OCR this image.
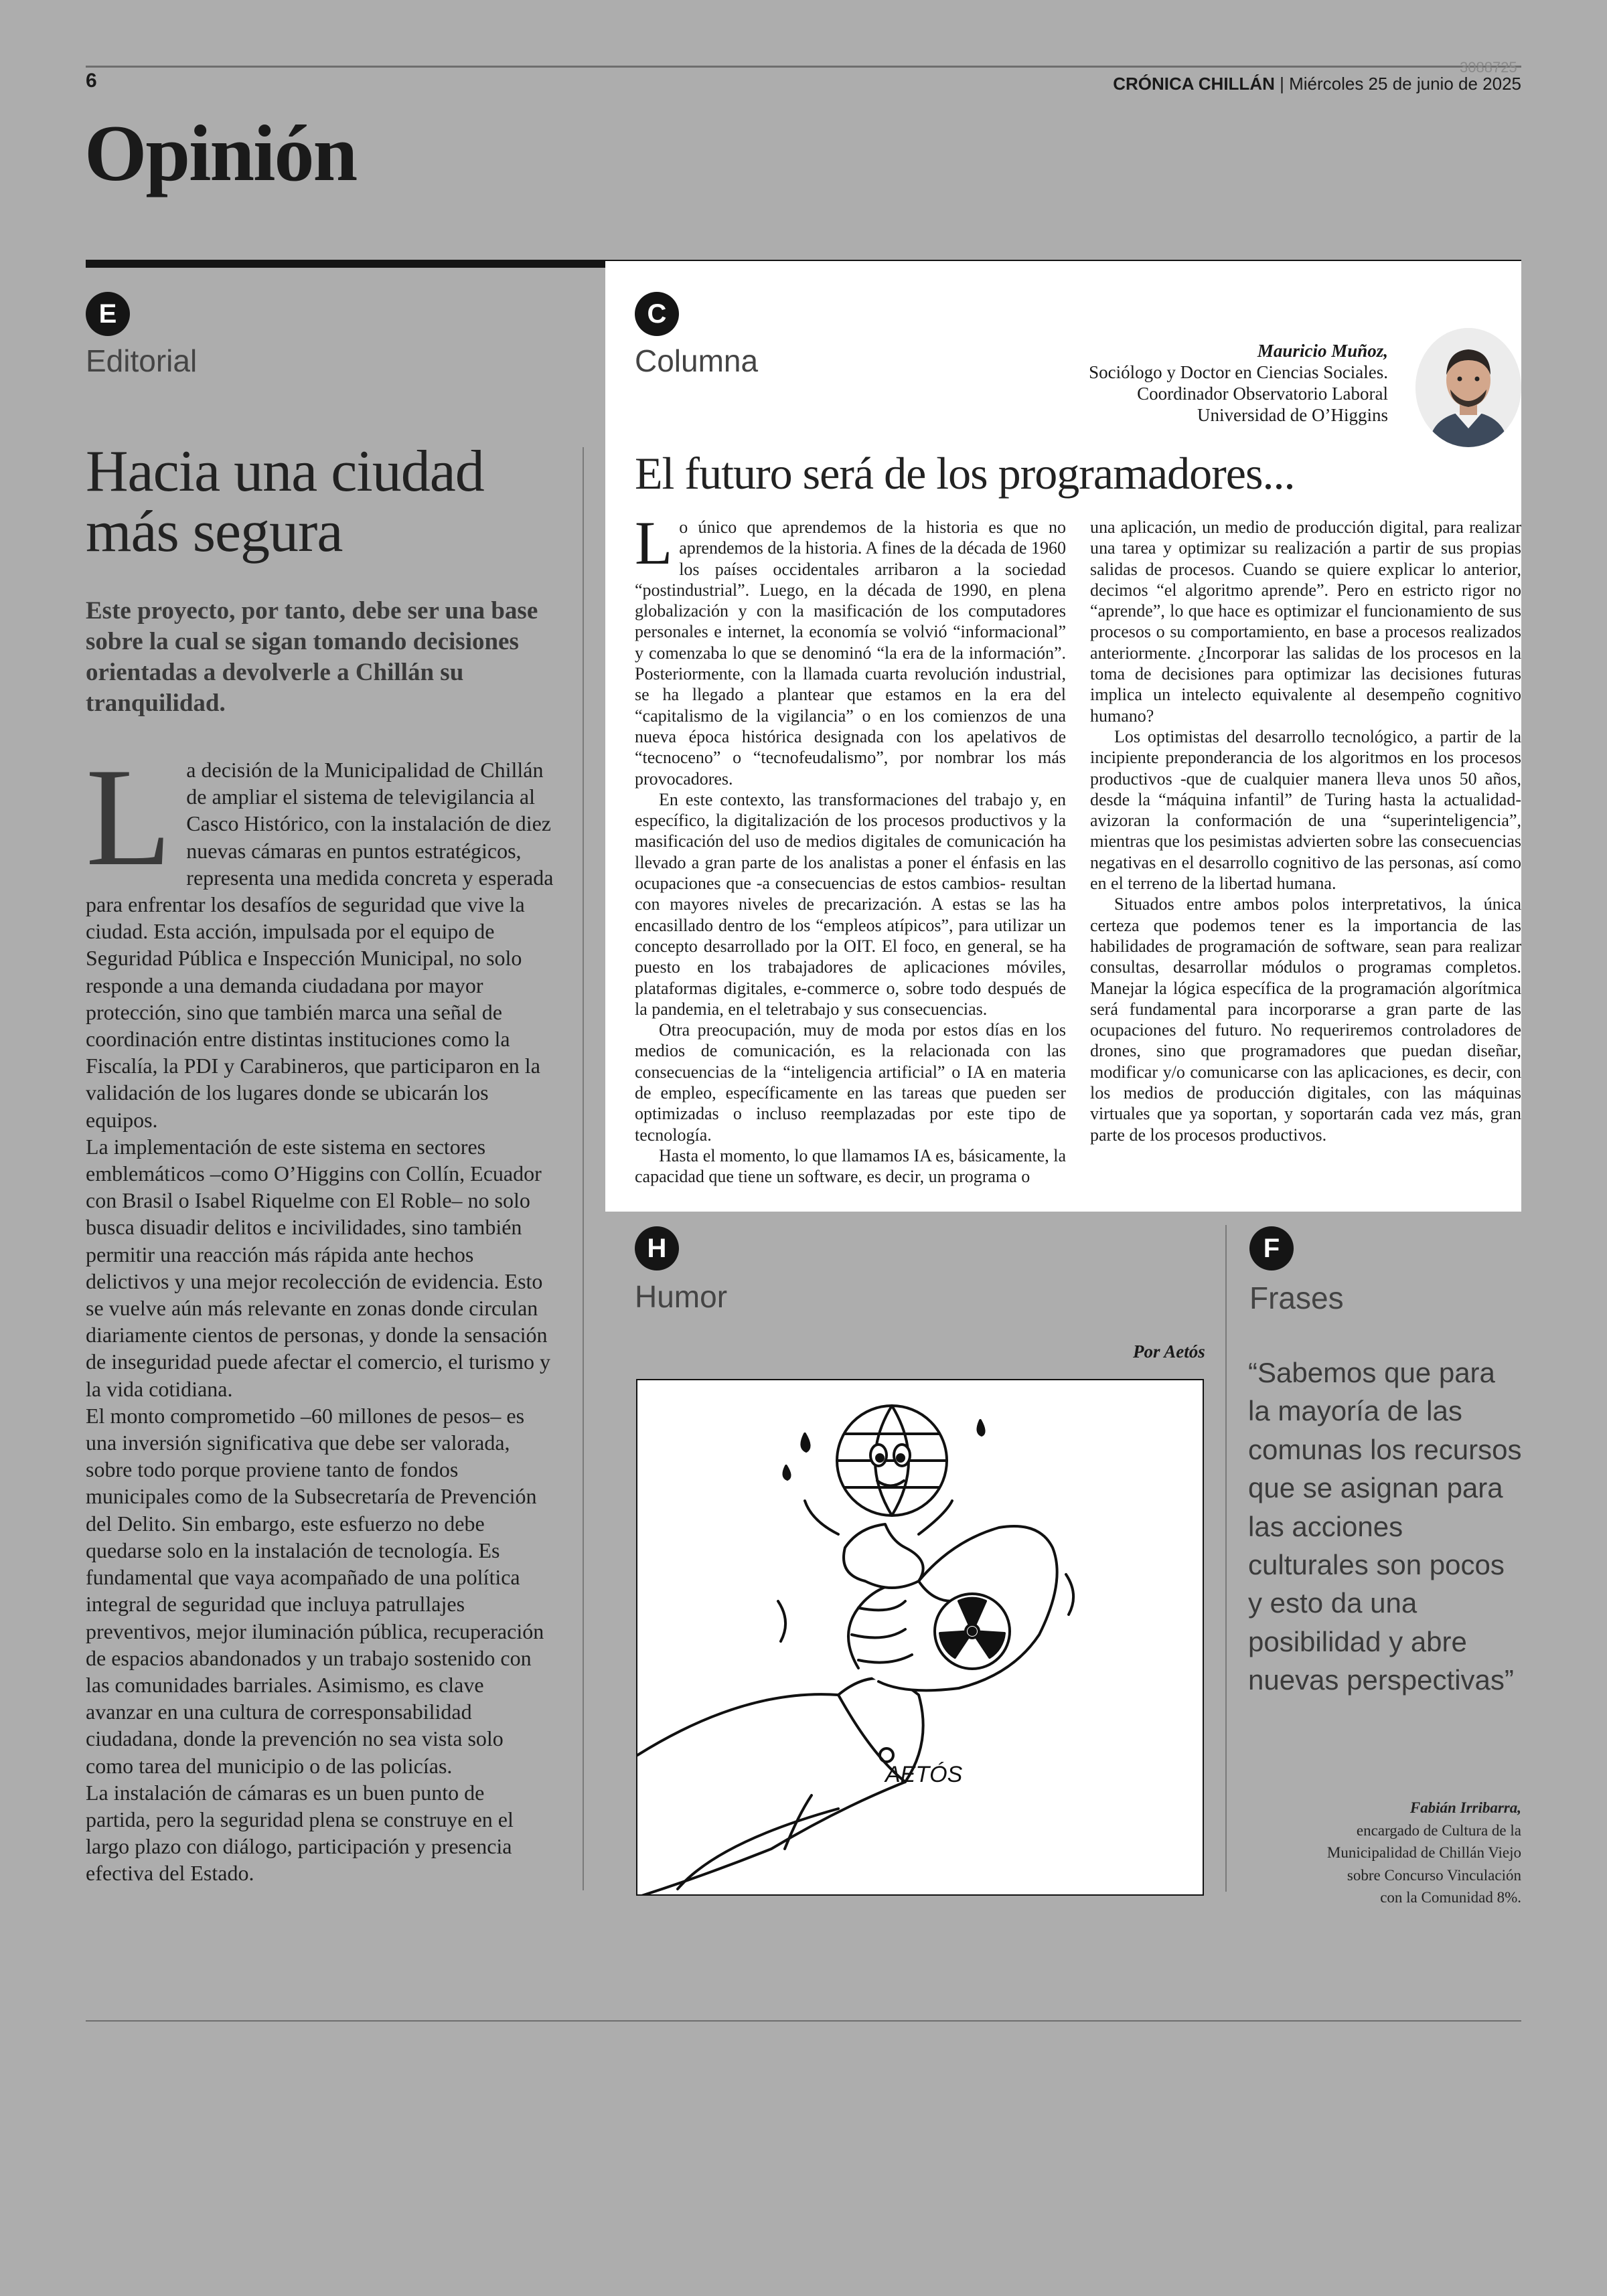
6
3088725
CRÓNICA CHILLÁN | Miércoles 25 de junio de 2025
Opinión
E
Editorial
Hacia una ciudad más segura
Este proyecto, por tanto, debe ser una base sobre la cual se sigan tomando decisiones orientadas a devolverle a Chillán su tranquilidad.
L a decisión de la Municipalidad de Chillán de ampliar el sistema de televigilancia al Casco Histórico, con la instalación de diez nuevas cámaras en puntos estratégicos, representa una medida concreta y esperada para enfrentar los desafíos de seguridad que vive la ciudad. Esta acción, impulsada por el equipo de Seguridad Pública e Inspección Municipal, no solo responde a una demanda ciudadana por mayor protección, sino que también marca una señal de coordinación entre distintas instituciones como la Fiscalía, la PDI y Carabineros, que participaron en la validación de los lugares donde se ubicarán los equipos.

La implementación de este sistema en sectores emblemáticos –como O’Higgins con Collín, Ecuador con Brasil o Isabel Riquelme con El Roble– no solo busca disuadir delitos e incivilidades, sino también permitir una reacción más rápida ante hechos delictivos y una mejor recolección de evidencia. Esto se vuelve aún más relevante en zonas donde circulan diariamente cientos de personas, y donde la sensación de inseguridad puede afectar el comercio, el turismo y la vida cotidiana.

El monto comprometido –60 millones de pesos– es una inversión significativa que debe ser valorada, sobre todo porque proviene tanto de fondos municipales como de la Subsecretaría de Prevención del Delito. Sin embargo, este esfuerzo no debe quedarse solo en la instalación de tecnología. Es fundamental que vaya acompañado de una política integral de seguridad que incluya patrullajes preventivos, mejor iluminación pública, recuperación de espacios abandonados y un trabajo sostenido con las comunidades barriales. Asimismo, es clave avanzar en una cultura de corresponsabilidad ciudadana, donde la prevención no sea vista solo como tarea del municipio o de las policías.

La instalación de cámaras es un buen punto de partida, pero la seguridad plena se construye en el largo plazo con diálogo, participación y presencia efectiva del Estado.

C
Columna	Mauricio Muñoz,
Sociólogo y Doctor en Ciencias Sociales.
Coordinador Observatorio Laboral
Universidad de O’Higgins
El futuro será de los programadores...
L o único que aprendemos de la historia es que no aprendemos de la historia. A fines de la década de 1960 los países occidentales arribaron a la sociedad “postindustrial”. Luego, en la década de 1990, en plena globalización y con la masificación de los computadores personales e internet, la economía se volvió “informacional” y comenzaba lo que se denominó “la era de la información”. Posteriormente, con la llamada cuarta revolución industrial, se ha llegado a plantear que estamos en la era del “capitalismo de la vigilancia” o en los comienzos de una nueva época histórica designada con los apelativos de “tecnoceno” o “tecnofeudalismo”, por nombrar los más provocadores.

En este contexto, las transformaciones del trabajo y, en específico, la digitalización de los procesos productivos y la masificación del uso de medios digitales de comunicación ha llevado a gran parte de los analistas a poner el énfasis en las ocupaciones que -a consecuencias de estos cambios- resultan con mayores niveles de precarización. A estas se las ha encasillado dentro de los “empleos atípicos”, para utilizar un concepto desarrollado por la OIT. El foco, en general, se ha puesto en los trabajadores de aplicaciones móviles, plataformas digitales, e-commerce o, sobre todo después de la pandemia, en el teletrabajo y sus consecuencias.

Otra preocupación, muy de moda por estos días en los medios de comunicación, es la relacionada con las consecuencias de la “inteligencia artificial” o IA en materia de empleo, específicamente en las tareas que pueden ser optimizadas o incluso reemplazadas por este tipo de tecnología.

Hasta el momento, lo que llamamos IA es, básicamente, la capacidad que tiene un software, es decir, un programa o

una aplicación, un medio de producción digital, para realizar una tarea y optimizar su realización a partir de sus propias salidas de procesos. Cuando se quiere explicar lo anterior, decimos “el algoritmo aprende”. Pero en estricto rigor no “aprende”, lo que hace es optimizar el funcionamiento de sus procesos o su comportamiento, en base a procesos realizados anteriormente. ¿Incorporar las salidas de los procesos en la toma de decisiones para optimizar las decisiones futuras implica un intelecto equivalente al desempeño cognitivo humano?

Los optimistas del desarrollo tecnológico, a partir de la incipiente preponderancia de los algoritmos en los procesos productivos -que de cualquier manera lleva unos 50 años, desde la “máquina infantil” de Turing hasta la actualidad- avizoran la conformación de una “superinteligencia”, mientras que los pesimistas advierten sobre las consecuencias negativas en el desarrollo cognitivo de las personas, así como en el terreno de la libertad humana.

Situados entre ambos polos interpretativos, la única certeza que podemos tener es la importancia de las habilidades de programación de software, sean para realizar consultas, desarrollar módulos o programas completos. Manejar la lógica específica de la programación algorítmica será fundamental para incorporarse a gran parte de las ocupaciones del futuro. No requeriremos controladores de drones, sino que programadores que puedan diseñar, modificar y/o comunicarse con las aplicaciones, es decir, con los medios de producción digitales, con las máquinas virtuales que ya soportan, y soportarán cada vez más, gran parte de los procesos productivos.

H
Humor
Por Aetós
AETÓS
F
Frases
“Sabemos que para la mayoría de las comunas los recursos que se asignan para las acciones culturales son pocos y esto da una posibilidad y abre nuevas perspectivas”
Fabián Irribarra,
encargado de Cultura de la
Municipalidad de Chillán Viejo
sobre Concurso Vinculación
con la Comunidad 8%.
